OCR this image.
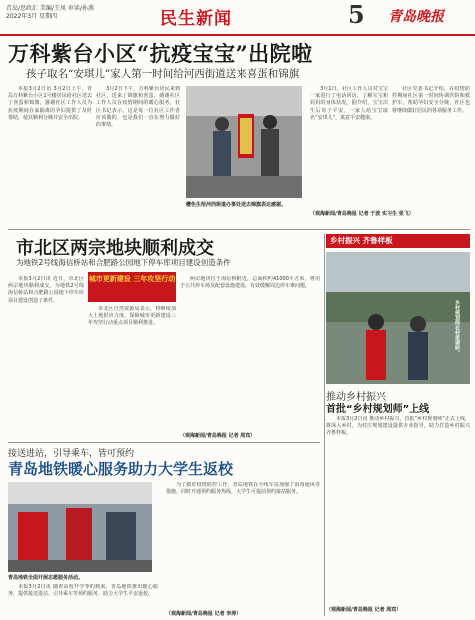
青岛/思政汇 美编/王凤 审读/孙燕
2022年3月 星期四	民生新闻	5 青岛晚报
万科紫台小区“抗疫宝宝”出院啦
孩子取名“安琪儿”家人第一时间给河西街道送来喜蛋和锦旗

本报3月2日讯 3月2日上午，青岛万科紫台小区1号楼居民给社区送去了喜蛋和锦旗，感谢社区工作人员为抗疫期间在家隔离的孕妇提供了及时帮助，使其顺利分娩并安全出院。

3月2日下午，万科紫台居民来到社区，送来了锦旗和喜蛋，感谢社区工作人员在疫情期间的暖心服务。社区书记表示，这是每一位社区工作者应该做的，也是我们一直在努力做好的事情。

樱色生给河西街道办事处送去锦旗表达感谢。

3月1日，社区工作人员对宝宝一家进行了电话回访，了解宝宝和妈妈的身体状况。据介绍，宝宝出生后母子平安，一家人给宝宝取名“安琪儿”，寓意平安健康。

社区党委书记介绍，在疫情防控期间社区第一时间协调医院和救护车，帮助孕妇安全分娩，社区也将继续做好居民的各项服务工作。

（观海新闻/青岛晚报 记者 于波 实习生 张飞）
市北区两宗地块顺利成交
为地铁2号线海信桥站和合肥路公园地下停车库项目建设创造条件
城市更新建设 三年攻坚行动

本报3月2日讯 近日，市北区两宗地块顺利成交，为地铁2号线海信桥站和合肥路公园地下停车库项目建设创造了条件。

市北区自然资源局表示，将继续加大土地供应力度，保障城市更新建设三年攻坚行动重点项目顺利推进。

两宗地块位于海信桥附近，总面积约41000平方米，将用于公共停车场及配套设施建设，有效缓解周边停车难问题。

（观海新闻/青岛晚报 记者 周宾）
接送进站，引导乘车，皆可预约
青岛地铁暖心服务助力大学生返校
青岛地铁全面开展志愿服务活动。

本报3月2日讯 随着高校开学季的到来，青岛地铁推出暖心服务，提供接送进站、引导乘车等预约服务，助力大学生平安返校。

为了做好疫情防控工作，青岛地铁在全线车站加强了消毒通风等措施，同时开通预约服务热线，大学生可提前预约接站服务。

（观海新闻/青岛晚报 记者 李涛）
乡村振兴 齐鲁样板
乡村规划师在村里调研。
推动乡村振兴
首批“乡村规划师”上线

本报3月2日讯 推动乡村振兴，首批“乡村规划师”正式上线，将深入乡村，为村庄规划建设提供专业指导，助力打造乡村振兴齐鲁样板。

（观海新闻/青岛晚报 记者 周宾）
